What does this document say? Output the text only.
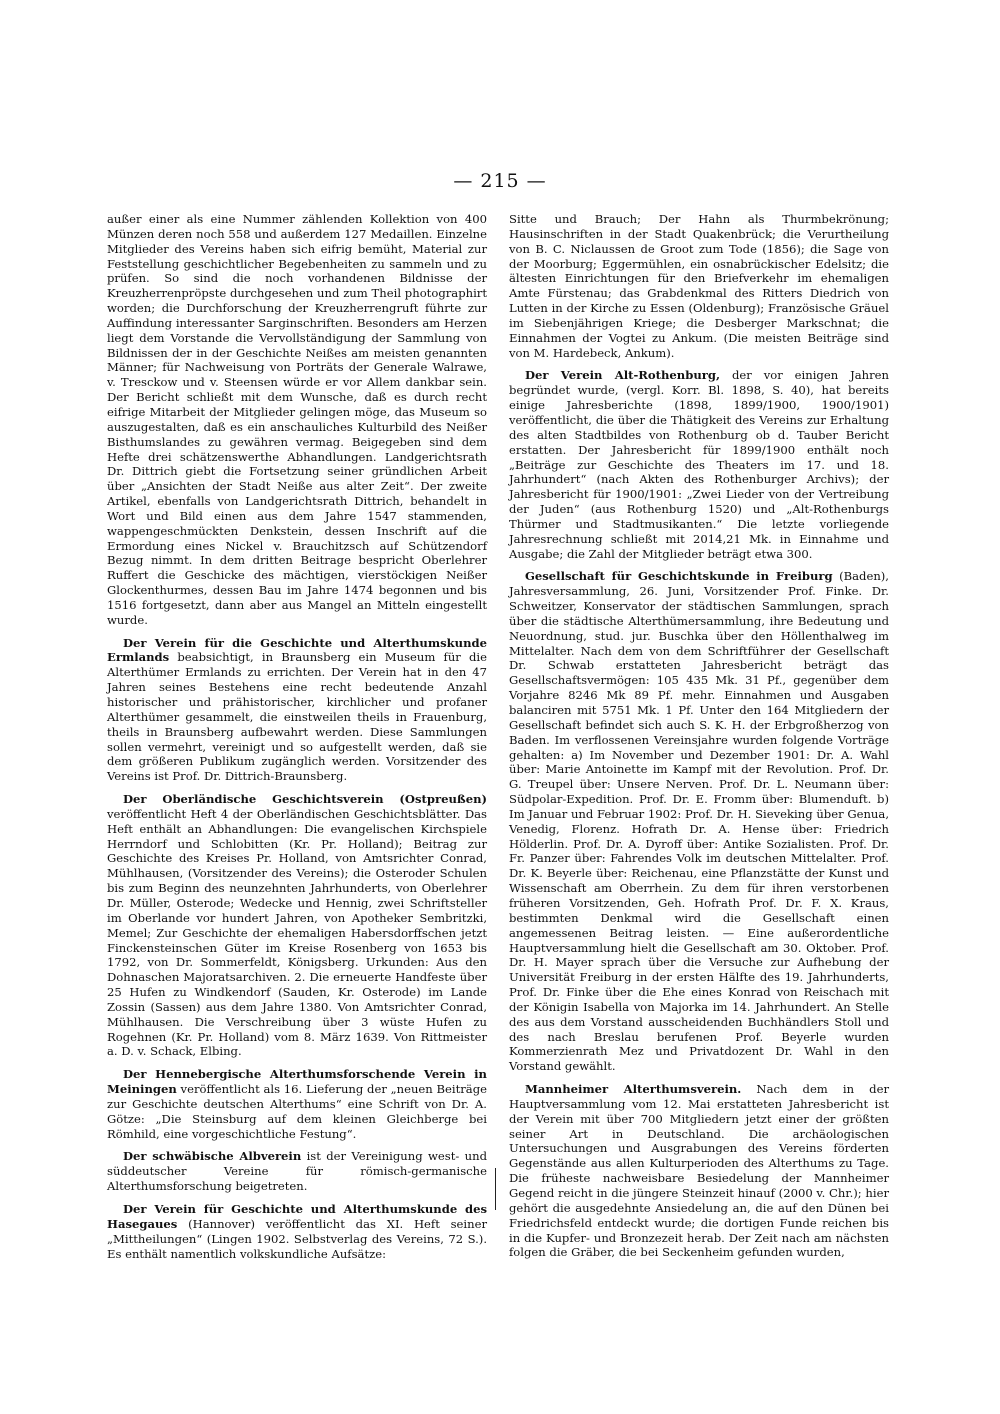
— 215 —

außer einer als eine Nummer zählenden Kollektion von 400 Münzen deren noch 558 und außerdem 127 Medaillen. Einzelne Mitglieder des Vereins haben sich eifrig bemüht, Material zur Feststellung geschichtlicher Begebenheiten zu sammeln und zu prüfen. So sind die noch vorhandenen Bildnisse der Kreuzherrenpröpste durchgesehen und zum Theil photographirt worden; die Durchforschung der Kreuzherrengruft führte zur Auffindung interessanter Sarginschriften. Besonders am Herzen liegt dem Vorstande die Vervollständigung der Sammlung von Bildnissen der in der Geschichte Neißes am meisten genannten Männer; für Nachweisung von Porträts der Generale Walrawe, v. Tresckow und v. Steensen würde er vor Allem dankbar sein. Der Bericht schließt mit dem Wunsche, daß es durch recht eifrige Mitarbeit der Mitglieder gelingen möge, das Museum so auszugestalten, daß es ein anschauliches Kulturbild des Neißer Bisthumslandes zu gewähren vermag. Beigegeben sind dem Hefte drei schätzenswerthe Abhandlungen. Landgerichtsrath Dr. Dittrich giebt die Fortsetzung seiner gründlichen Arbeit über „Ansichten der Stadt Neiße aus alter Zeit“. Der zweite Artikel, ebenfalls von Landgerichtsrath Dittrich, behandelt in Wort und Bild einen aus dem Jahre 1547 stammenden, wappengeschmückten Denkstein, dessen Inschrift auf die Ermordung eines Nickel v. Brauchitzsch auf Schützendorf Bezug nimmt. In dem dritten Beitrage bespricht Oberlehrer Ruffert die Geschicke des mächtigen, vierstöckigen Neißer Glockenthurmes, dessen Bau im Jahre 1474 begonnen und bis 1516 fortgesetzt, dann aber aus Mangel an Mitteln eingestellt wurde.

Der Verein für die Geschichte und Alterthumskunde Ermlands beabsichtigt, in Braunsberg ein Museum für die Alterthümer Ermlands zu errichten. Der Verein hat in den 47 Jahren seines Bestehens eine recht bedeutende Anzahl historischer und prähistorischer, kirchlicher und profaner Alterthümer gesammelt, die einstweilen theils in Frauenburg, theils in Braunsberg aufbewahrt werden. Diese Sammlungen sollen vermehrt, vereinigt und so aufgestellt werden, daß sie dem größeren Publikum zugänglich werden. Vorsitzender des Vereins ist Prof. Dr. Dittrich-Braunsberg.

Der Oberländische Geschichtsverein (Ostpreußen) veröffentlicht Heft 4 der Oberländischen Geschichtsblätter. Das Heft enthält an Abhandlungen: Die evangelischen Kirchspiele Herrndorf und Schlobitten (Kr. Pr. Holland); Beitrag zur Geschichte des Kreises Pr. Holland, von Amtsrichter Conrad, Mühlhausen, (Vorsitzender des Vereins); die Osteroder Schulen bis zum Beginn des neunzehnten Jahrhunderts, von Oberlehrer Dr. Müller, Osterode; Wedecke und Hennig, zwei Schriftsteller im Oberlande vor hundert Jahren, von Apotheker Sembritzki, Memel; Zur Geschichte der ehemaligen Habersdorffschen jetzt Finckensteinschen Güter im Kreise Rosenberg von 1653 bis 1792, von Dr. Sommerfeldt, Königsberg. Urkunden: Aus den Dohnaschen Majoratsarchiven. 2. Die erneuerte Handfeste über 25 Hufen zu Windkendorf (Sauden, Kr. Osterode) im Lande Zossin (Sassen) aus dem Jahre 1380. Von Amtsrichter Conrad, Mühlhausen. Die Verschreibung über 3 wüste Hufen zu Rogehnen (Kr. Pr. Holland) vom 8. März 1639. Von Rittmeister a. D. v. Schack, Elbing.

Der Hennebergische Alterthumsforschende Verein in Meiningen veröffentlicht als 16. Lieferung der „neuen Beiträge zur Geschichte deutschen Alterthums“ eine Schrift von Dr. A. Götze: „Die Steinsburg auf dem kleinen Gleichberge bei Römhild, eine vorgeschichtliche Festung“.

Der schwäbische Albverein ist der Vereinigung west- und süddeutscher Vereine für römisch-germanische Alterthumsforschung beigetreten.

Der Verein für Geschichte und Alterthumskunde des Hasegaues (Hannover) veröffentlicht das XI. Heft seiner „Mittheilungen“ (Lingen 1902. Selbstverlag des Vereins, 72 S.). Es enthält namentlich volkskundliche Aufsätze:

Sitte und Brauch; Der Hahn als Thurmbekrönung; Hausinschriften in der Stadt Quakenbrück; die Verurtheilung von B. C. Niclaussen de Groot zum Tode (1856); die Sage von der Moorburg; Eggermühlen, ein osnabrückischer Edelsitz; die ältesten Einrichtungen für den Briefverkehr im ehemaligen Amte Fürstenau; das Grabdenkmal des Ritters Diedrich von Lutten in der Kirche zu Essen (Oldenburg); Französische Gräuel im Siebenjährigen Kriege; die Desberger Markschnat; die Einnahmen der Vogtei zu Ankum. (Die meisten Beiträge sind von M. Hardebeck, Ankum).

Der Verein Alt-Rothenburg, der vor einigen Jahren begründet wurde, (vergl. Korr. Bl. 1898, S. 40), hat bereits einige Jahresberichte (1898, 1899/1900, 1900/1901) veröffentlicht, die über die Thätigkeit des Vereins zur Erhaltung des alten Stadtbildes von Rothenburg ob d. Tauber Bericht erstatten. Der Jahresbericht für 1899/1900 enthält noch „Beiträge zur Geschichte des Theaters im 17. und 18. Jahrhundert“ (nach Akten des Rothenburger Archivs); der Jahresbericht für 1900/1901: „Zwei Lieder von der Vertreibung der Juden“ (aus Rothenburg 1520) und „Alt-Rothenburgs Thürmer und Stadtmusikanten.“ Die letzte vorliegende Jahresrechnung schließt mit 2014,21 Mk. in Einnahme und Ausgabe; die Zahl der Mitglieder beträgt etwa 300.

Gesellschaft für Geschichtskunde in Freiburg (Baden), Jahresversammlung, 26. Juni, Vorsitzender Prof. Finke. Dr. Schweitzer, Konservator der städtischen Sammlungen, sprach über die städtische Alterthümersammlung, ihre Bedeutung und Neuordnung, stud. jur. Buschka über den Höllenthalweg im Mittelalter. Nach dem von dem Schriftführer der Gesellschaft Dr. Schwab erstatteten Jahresbericht beträgt das Gesellschaftsvermögen: 105 435 Mk. 31 Pf., gegenüber dem Vorjahre 8246 Mk 89 Pf. mehr. Einnahmen und Ausgaben balanciren mit 5751 Mk. 1 Pf. Unter den 164 Mitgliedern der Gesellschaft befindet sich auch S. K. H. der Erbgroßherzog von Baden. Im verflossenen Vereinsjahre wurden folgende Vorträge gehalten: a) Im November und Dezember 1901: Dr. A. Wahl über: Marie Antoinette im Kampf mit der Revolution. Prof. Dr. G. Treupel über: Unsere Nerven. Prof. Dr. L. Neumann über: Südpolar-Expedition. Prof. Dr. E. Fromm über: Blumenduft. b) Im Januar und Februar 1902: Prof. Dr. H. Sieveking über Genua, Venedig, Florenz. Hofrath Dr. A. Hense über: Friedrich Hölderlin. Prof. Dr. A. Dyroff über: Antike Sozialisten. Prof. Dr. Fr. Panzer über: Fahrendes Volk im deutschen Mittelalter. Prof. Dr. K. Beyerle über: Reichenau, eine Pflanzstätte der Kunst und Wissenschaft am Oberrhein. Zu dem für ihren verstorbenen früheren Vorsitzenden, Geh. Hofrath Prof. Dr. F. X. Kraus, bestimmten Denkmal wird die Gesellschaft einen angemessenen Beitrag leisten. — Eine außerordentliche Hauptversammlung hielt die Gesellschaft am 30. Oktober. Prof. Dr. H. Mayer sprach über die Versuche zur Aufhebung der Universität Freiburg in der ersten Hälfte des 19. Jahrhunderts, Prof. Dr. Finke über die Ehe eines Konrad von Reischach mit der Königin Isabella von Majorka im 14. Jahrhundert. An Stelle des aus dem Vorstand ausscheidenden Buchhändlers Stoll und des nach Breslau berufenen Prof. Beyerle wurden Kommerzienrath Mez und Privatdozent Dr. Wahl in den Vorstand gewählt.

Mannheimer Alterthumsverein. Nach dem in der Hauptversammlung vom 12. Mai erstatteten Jahresbericht ist der Verein mit über 700 Mitgliedern jetzt einer der größten seiner Art in Deutschland. Die archäologischen Untersuchungen und Ausgrabungen des Vereins förderten Gegenstände aus allen Kulturperioden des Alterthums zu Tage. Die früheste nachweisbare Besiedelung der Mannheimer Gegend reicht in die jüngere Steinzeit hinauf (2000 v. Chr.); hier gehört die ausgedehnte Ansiedelung an, die auf den Dünen bei Friedrichsfeld entdeckt wurde; die dortigen Funde reichen bis in die Kupfer- und Bronzezeit herab. Der Zeit nach am nächsten folgen die Gräber, die bei Seckenheim gefunden wurden,
